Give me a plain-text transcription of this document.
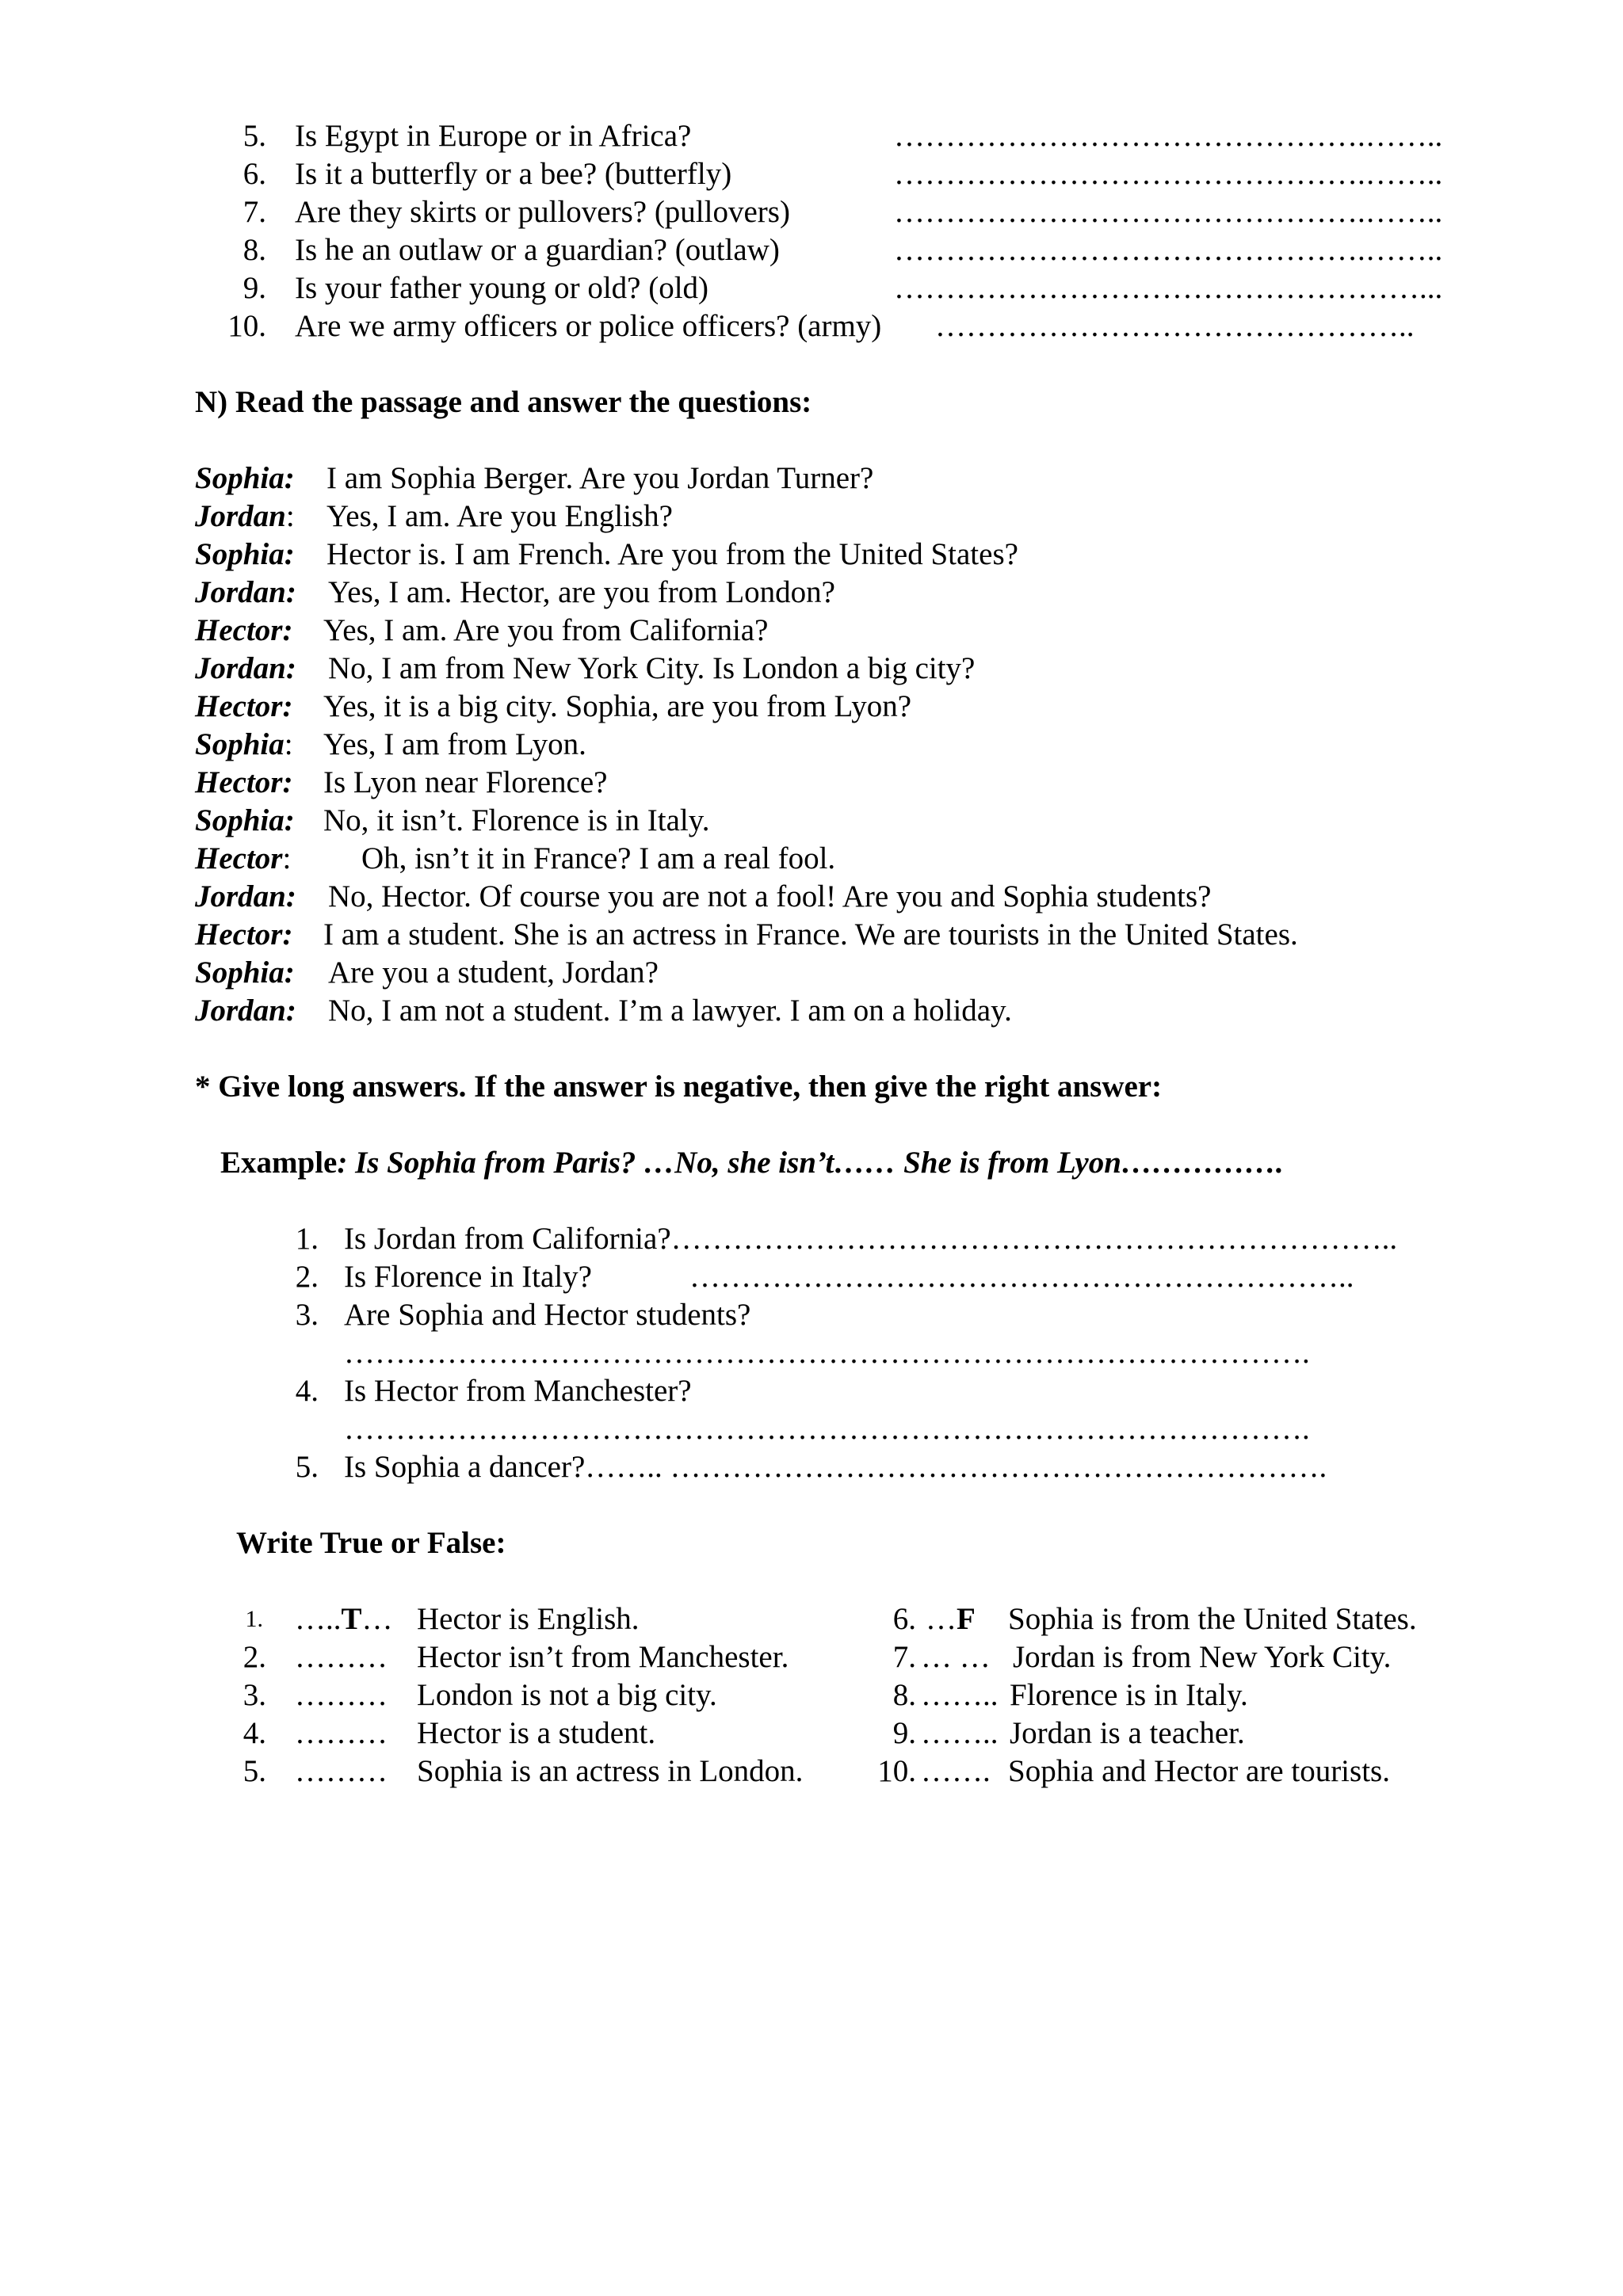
5. Is Egypt in Europe or in Africa?	……………………………………….……..
6. Is it a butterfly or a bee? (butterfly)	……………………………………….……..
7. Are they skirts or pullovers? (pullovers)	……………………………………….……..
8. Is he an outlaw or a guardian? (outlaw)	……………………………………….……..
9. Is your father young or old? (old)	……………………………………………...
10. Are we army officers or police officers? (army) ………………………………………..
N) Read the passage and answer the questions:
Sophia: I am Sophia Berger. Are you Jordan Turner?
Jordan: Yes, I am. Are you English?
Sophia: Hector is. I am French. Are you from the United States?
Jordan: Yes, I am. Hector, are you from London?
Hector: Yes, I am. Are you from California?
Jordan: No, I am from New York City. Is London a big city?
Hector: Yes, it is a big city. Sophia, are you from Lyon?
Sophia: Yes, I am from Lyon.
Hector: Is Lyon near Florence?
Sophia: No, it isn’t. Florence is in Italy.
Hector: Oh, isn’t it in France? I am a real fool.
Jordan: No, Hector. Of course you are not a fool! Are you and Sophia students?
Hector: I am a student. She is an actress in France. We are tourists in the United States.
Sophia: Are you a student, Jordan?
Jordan: No, I am not a student. I’m a lawyer. I am on a holiday.
* Give long answers. If the answer is negative, then give the right answer:
Example: Is Sophia from Paris? …No, she isn’t…… She is from Lyon…………….
1. Is Jordan from California?……………………………………………………………..
2. Is Florence in Italy?	………………………………………………………..
3. Are Sophia and Hector students?
………………………………………………………………………………….
4. Is Hector from Manchester?
………………………………………………………………………………….
5. Is Sophia a dancer?…….. ……………………………………………………….
Write True or False:
1. …..T… Hector is English.
2. ……… Hector isn’t from Manchester.
3. ……… London is not a big city.
4. ……… Hector is a student.
5. ……… Sophia is an actress in London.
6. …F Sophia is from the United States.
7. … … Jordan is from New York City.
8. …….. Florence is in Italy.
9. …….. Jordan is a teacher.
10. ……. Sophia and Hector are tourists.
